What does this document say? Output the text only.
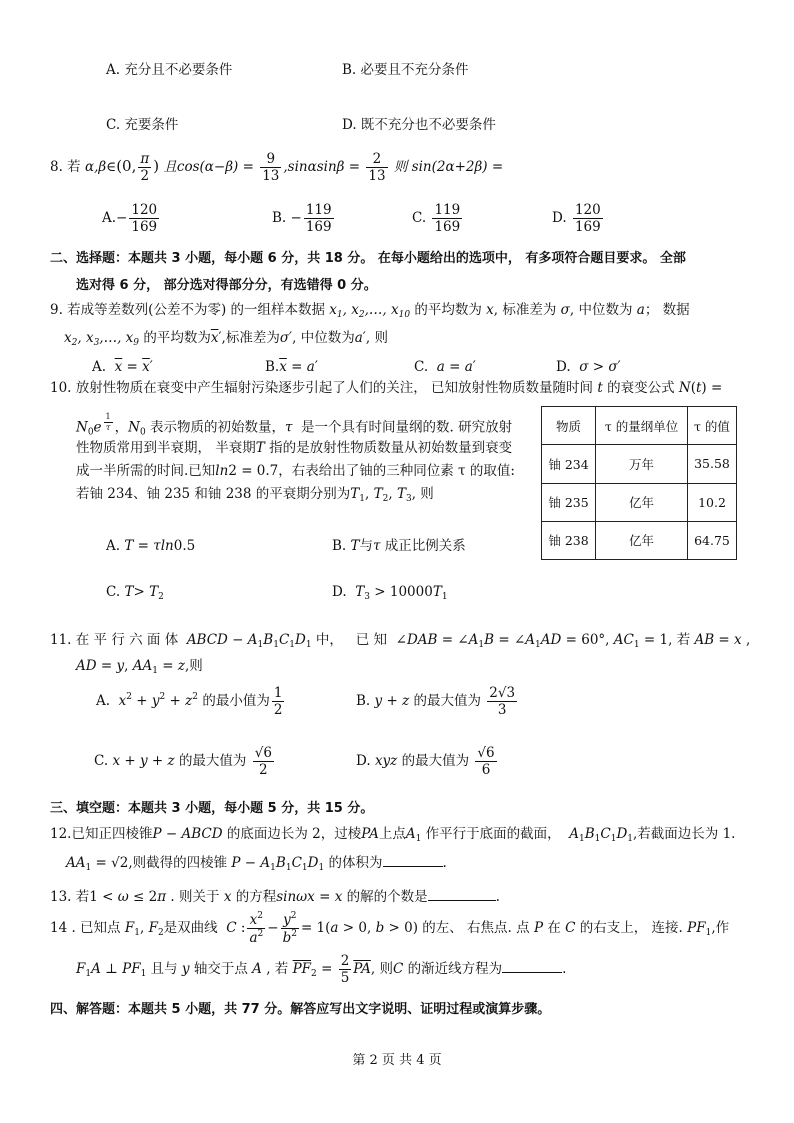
A. 充分且不必要条件	B. 必要且不充分条件
C. 充要条件	D. 既不充分也不必要条件
8. 若 α,β∈(0, $\frac{\pi}{2}$ ) 且$\cos(\alpha-\beta) = \frac{9}{13} ,\sin\alpha\sin\beta = \frac{2}{13}$ 则 sin(2α+2β) =
$A.- \frac{120}{169}$	B. − $\frac{119}{169}$	C. $\frac{119}{169}$	D. $\frac{120}{169}$
二、选择题：本题共 3 小题，每小题 6 分，共 18 分。 在每小题给出的选项中， 有多项符合题目要求。 全部
选对得 6 分， 部分选对得部分分，有选错得 0 分。
9. 若成等差数列(公差不为零) 的一组样本数据 $x_1$, $x_2,\dots$, $x_{10}$ 的平均数为 x, 标准差为 σ, 中位数为 a； 数据
$x_2$, $x_3,\dots$, $x_9$ 的平均数为$\overline{x}'$,标准差为σ′, 中位数为a′, 则
A. $\overline{x} = \overline{x}'$	$B.\overline{x} = a'$	C. a = a′	D. σ > σ′
10. 放射性物质在衰变中产生辐射污染逐步引起了人们的关注， 已知放射性物质数量随时间 t 的衰变公式 N(t) =
$N_0e$ $^{\frac{1}{\tau}}$ ，$N_0$ 表示物质的初始数量，τ 是一个具有时间量纲的数. 研究放射
性物质常用到半衰期， 半衰期T 指的是放射性物质数量从初始数量到衰变
成一半所需的时间.已知ln2 = 0.7，右表给出了铀的三种同位素 τ 的取值:
若铀 234、铀 235 和铀 238 的平衰期分别为$T_1$, $T_2$, $T_3$, 则
物质	τ 的量纲单位	τ 的值
铀 234	万年	35.58
铀 235	亿年	10.2
铀 238	亿年	64.75
A. T = τln0.5	B. T与τ 成正比例关系
C. $T> T_2$	D. $T_3 > 10000T_1$
11. 在 平 行 六 面 体 ABCD − $A_1B_1C_1D_1$ 中， 已 知  ∠DAB = $\angle A_1B$ = $\angle A_1AD = 60^\circ$, $AC_1 = 1$, 若 AB = x ,
AD = y, $AA_1 = z$,则
A.  $x^2 + y^2 + z^2$ 的最小值为 $\frac{1}{2}$	B. y + z 的最大值为 $\frac{2√3}{3}$
C. x + y + z 的最大值为 $\frac{√6}{2}$	D. xyz 的最大值为 $\frac{√6}{6}$
三、填空题：本题共 3 小题，每小题 5 分，共 15 分。
12.已知正四棱锥P − ABCD 的底面边长为 2，过棱PA上点$A_1$ 作平行于底面的截面， $A_1B_1C_1D_1$,若截面边长为 1.
$AA_1 = √2$,则截得的四棱锥 $P - A_1B_1C_1D_1$ 的体积为	.
13. 若1 < ω ≤ 2π . 则关于 x 的方程sinωx = x 的解的个数是	.
14 . 已知点 $F_1$, $F_2$是双曲线 C : $\frac{x^2}{a^2} - \frac{y^2}{b^2} = 1(a > 0$, b > 0) 的左、 右焦点. 点 P 在 C 的右支上， 连接. $PF_1$,作
$F_1A$ ⊥ $PF_1$ 且与 y 轴交于点 A , 若 $\overline{PF}_2 = \frac{2}{5} \overline{PA}$, 则C 的渐近线方程为	.
四、解答题：本题共 5 小题，共 77 分。解答应写出文字说明、证明过程或演算步骤。
第 2 页 共 4 页
